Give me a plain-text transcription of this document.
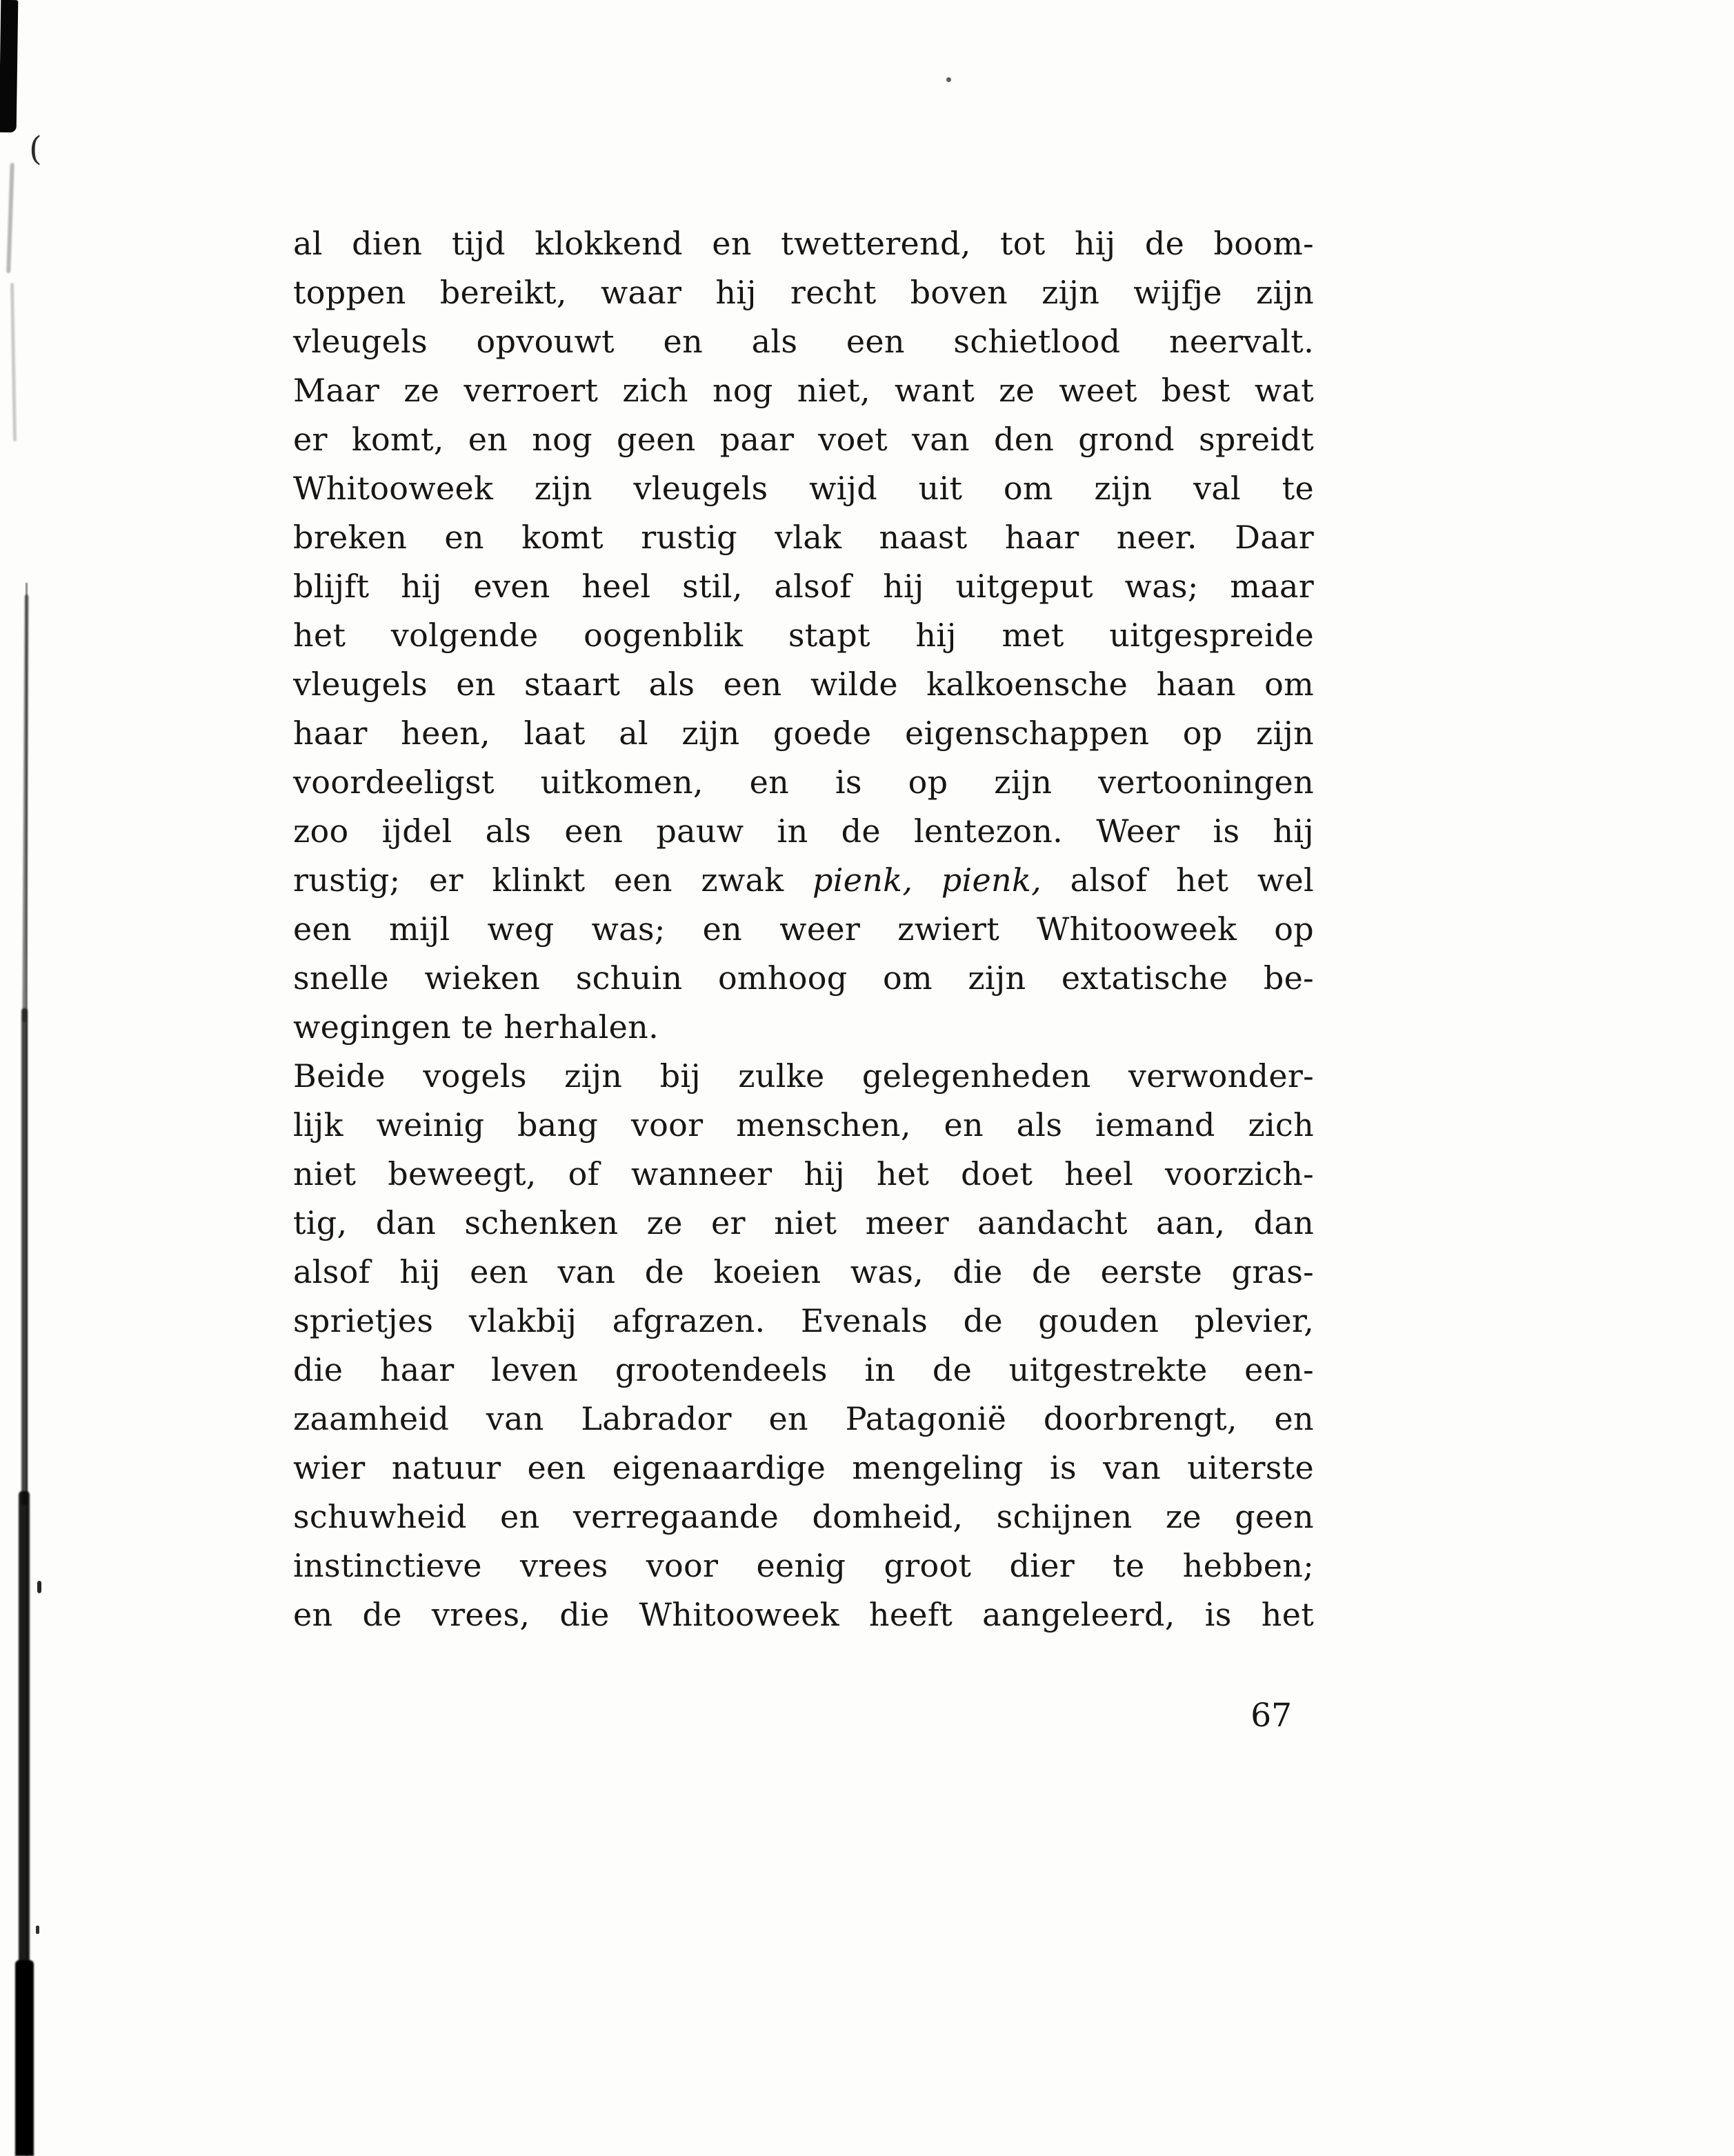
al dien tijd klokkend en twetterend, tot hij de boom-
toppen bereikt, waar hij recht boven zijn wijfje zijn
vleugels opvouwt en als een schietlood neervalt.
Maar ze verroert zich nog niet, want ze weet best wat
er komt, en nog geen paar voet van den grond spreidt
Whitooweek zijn vleugels wijd uit om zijn val te
breken en komt rustig vlak naast haar neer. Daar
blijft hij even heel stil, alsof hij uitgeput was; maar
het volgende oogenblik stapt hij met uitgespreide
vleugels en staart als een wilde kalkoensche haan om
haar heen, laat al zijn goede eigenschappen op zijn
voordeeligst uitkomen, en is op zijn vertooningen
zoo ijdel als een pauw in de lentezon. Weer is hij
rustig; er klinkt een zwak pienk, pienk, alsof het wel
een mijl weg was; en weer zwiert Whitooweek op
snelle wieken schuin omhoog om zijn extatische be-
wegingen te herhalen.
Beide vogels zijn bij zulke gelegenheden verwonder-
lijk weinig bang voor menschen, en als iemand zich
niet beweegt, of wanneer hij het doet heel voorzich-
tig, dan schenken ze er niet meer aandacht aan, dan
alsof hij een van de koeien was, die de eerste gras-
sprietjes vlakbij afgrazen. Evenals de gouden plevier,
die haar leven grootendeels in de uitgestrekte een-
zaamheid van Labrador en Patagonië doorbrengt, en
wier natuur een eigenaardige mengeling is van uiterste
schuwheid en verregaande domheid, schijnen ze geen
instinctieve vrees voor eenig groot dier te hebben;
en de vrees, die Whitooweek heeft aangeleerd, is het
67
(
